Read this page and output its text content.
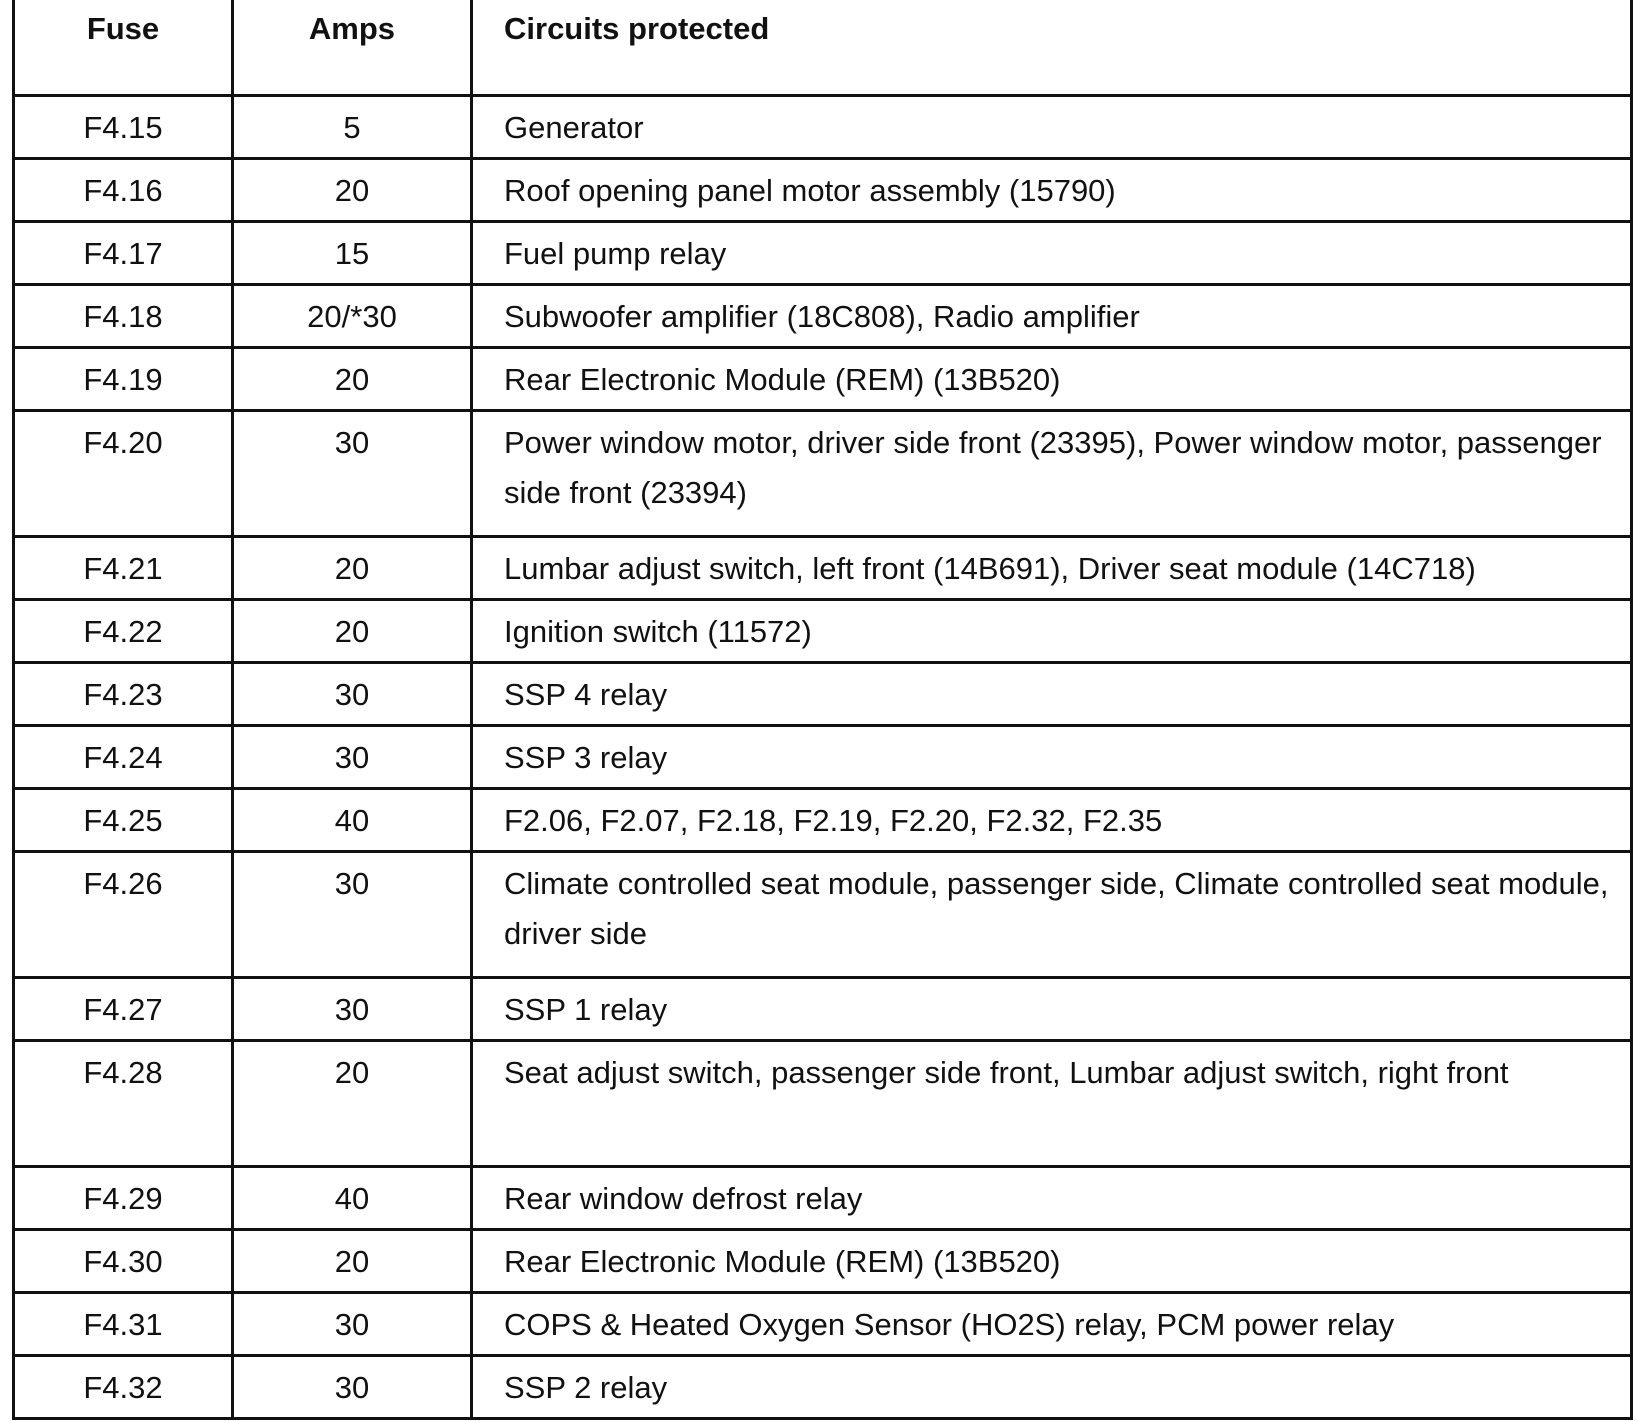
Fuse	Amps	Circuits protected
F4.15	5	Generator
F4.16	20	Roof opening panel motor assembly (15790)
F4.17	15	Fuel pump relay
F4.18	20/*30	Subwoofer amplifier (18C808), Radio amplifier
F4.19	20	Rear Electronic Module (REM) (13B520)
F4.20	30	Power window motor, driver side front (23395), Power window motor, passenger side front (23394)
F4.21	20	Lumbar adjust switch, left front (14B691), Driver seat module (14C718)
F4.22	20	Ignition switch (11572)
F4.23	30	SSP 4 relay
F4.24	30	SSP 3 relay
F4.25	40	F2.06, F2.07, F2.18, F2.19, F2.20, F2.32, F2.35
F4.26	30	Climate controlled seat module, passenger side, Climate controlled seat module, driver side
F4.27	30	SSP 1 relay
F4.28	20	Seat adjust switch, passenger side front, Lumbar adjust switch, right front
F4.29	40	Rear window defrost relay
F4.30	20	Rear Electronic Module (REM) (13B520)
F4.31	30	COPS & Heated Oxygen Sensor (HO2S) relay, PCM power relay
F4.32	30	SSP 2 relay
